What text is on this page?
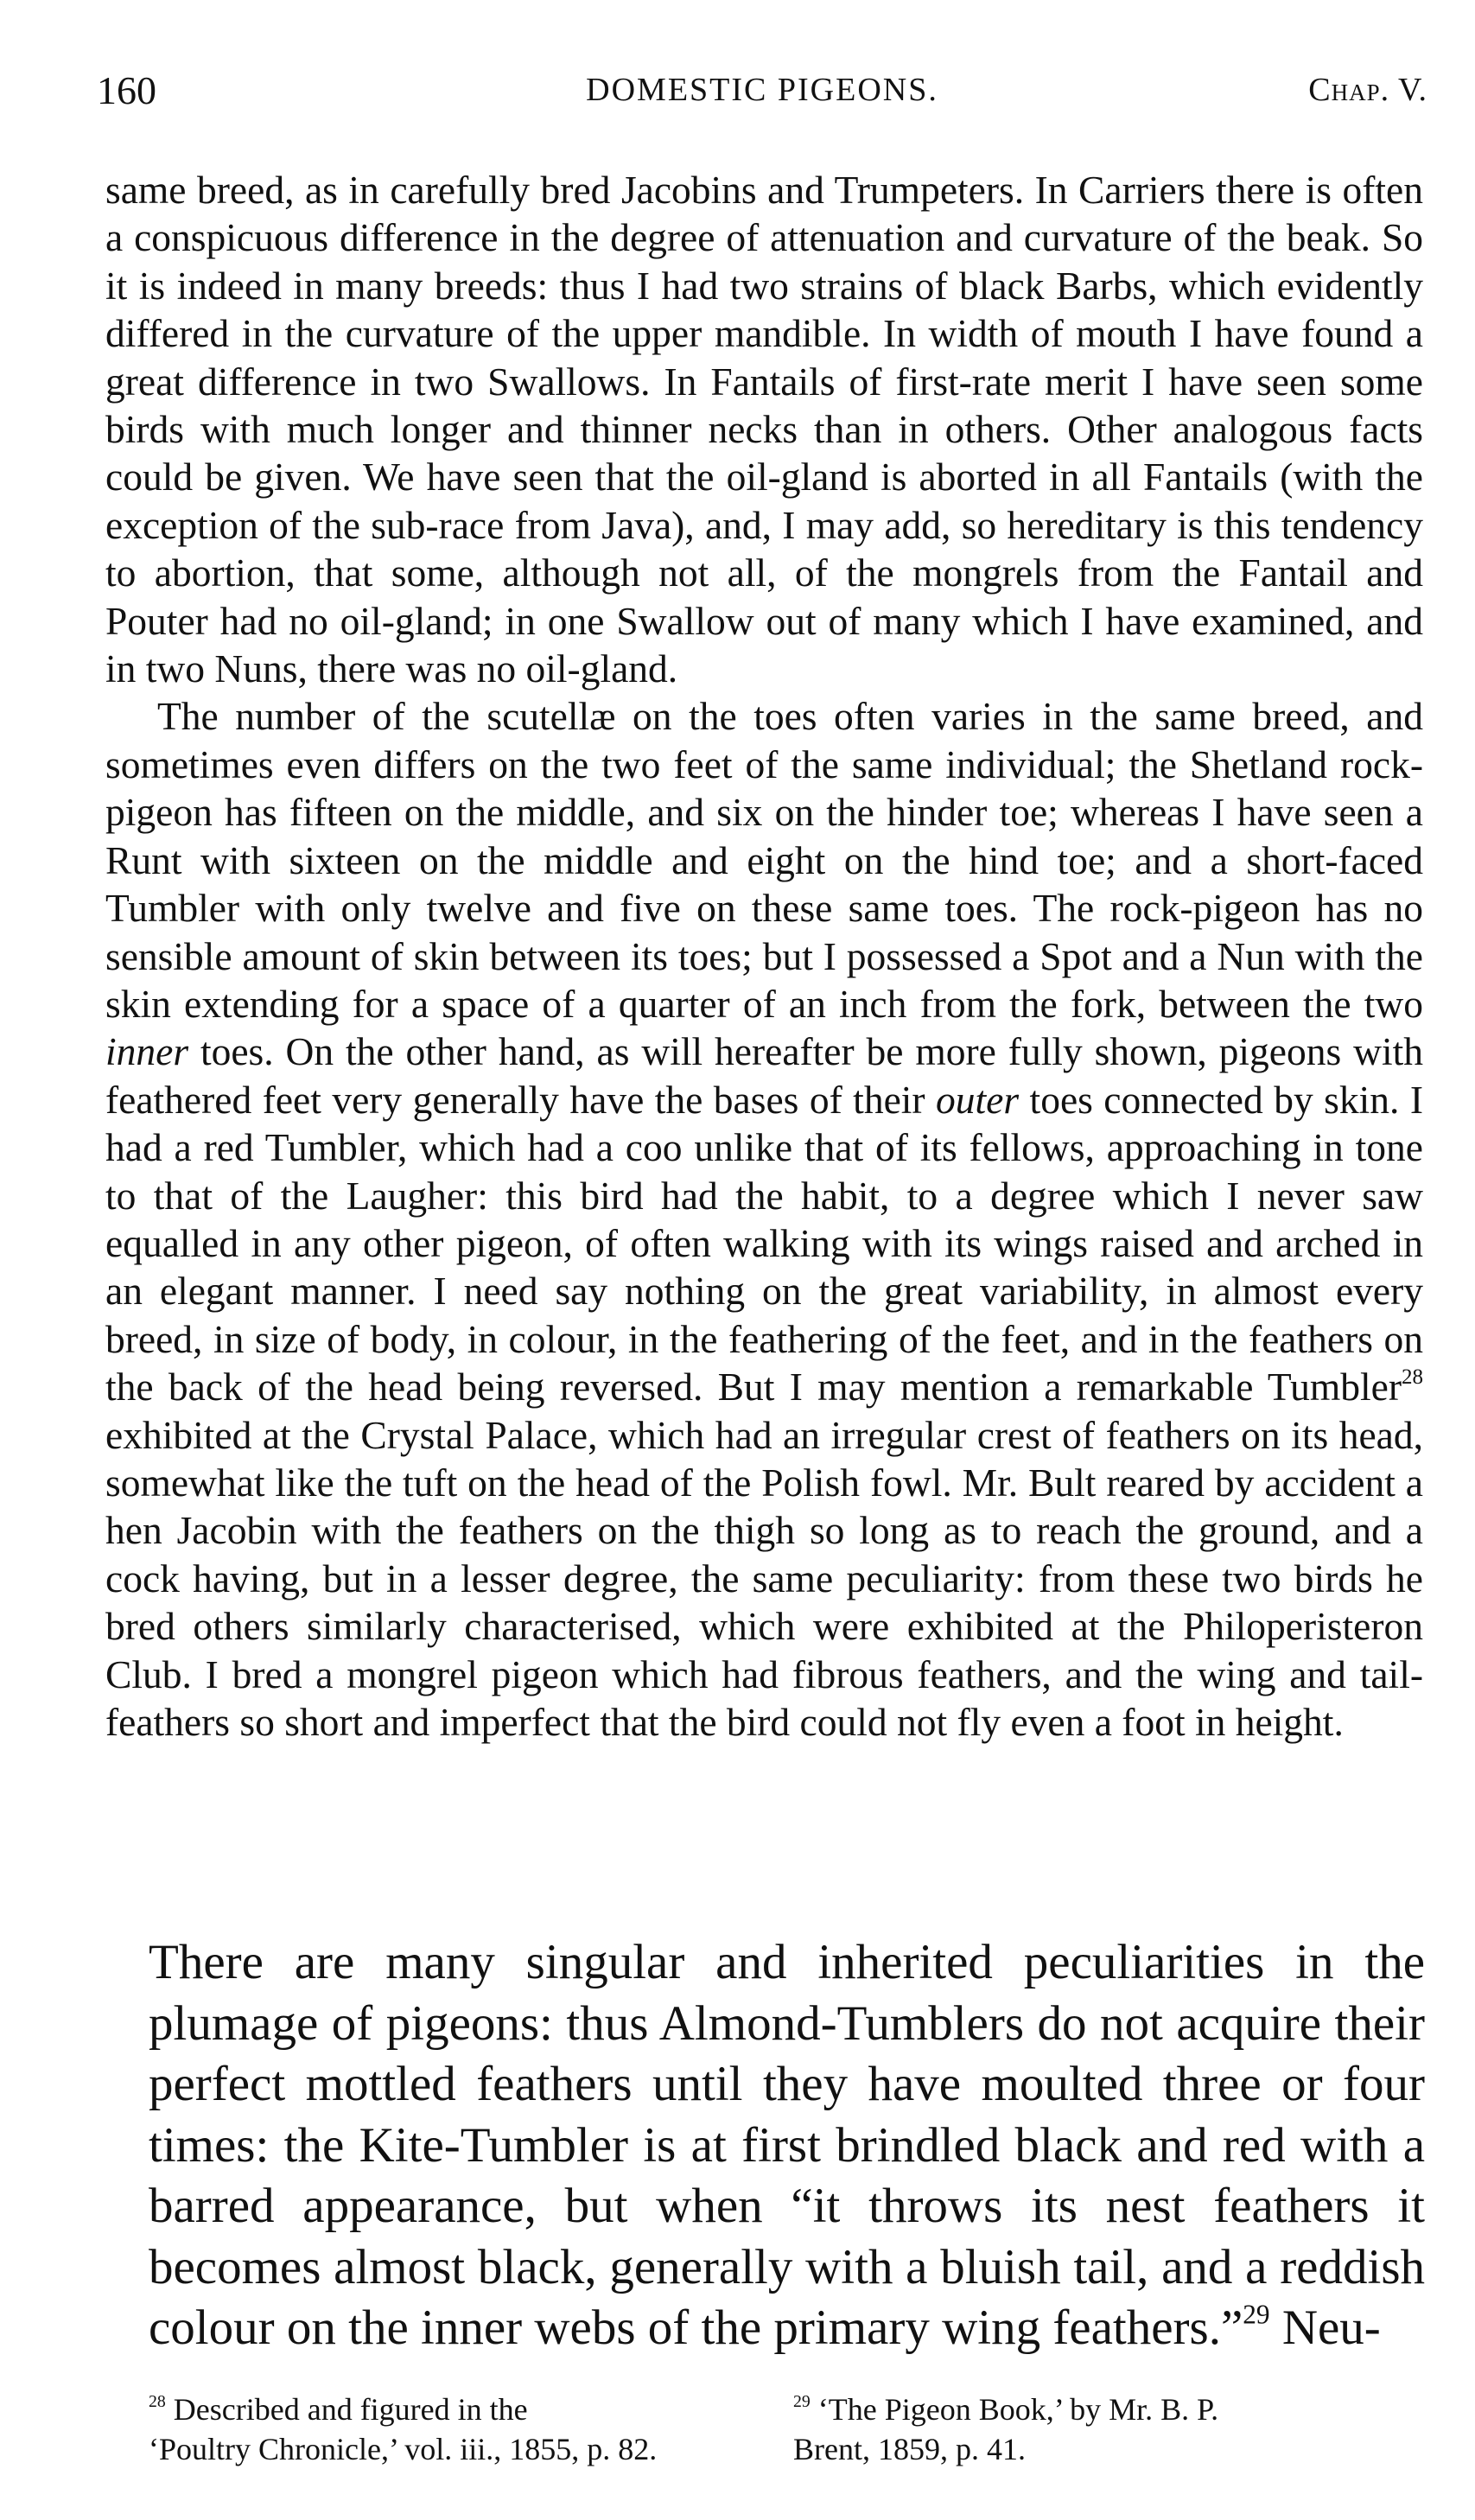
160	DOMESTIC PIGEONS.	Chap. V.

same breed, as in carefully bred Jacobins and Trumpeters. In Carriers there is often a conspicuous difference in the degree of attenuation and curvature of the beak. So it is indeed in many breeds: thus I had two strains of black Barbs, which evidently differed in the curvature of the upper mandible. In width of mouth I have found a great difference in two Swallows. In Fantails of first-rate merit I have seen some birds with much longer and thinner necks than in others. Other analogous facts could be given. We have seen that the oil-gland is aborted in all Fantails (with the exception of the sub-race from Java), and, I may add, so hereditary is this tendency to abortion, that some, although not all, of the mongrels from the Fantail and Pouter had no oil-gland; in one Swallow out of many which I have examined, and in two Nuns, there was no oil-gland.

The number of the scutellæ on the toes often varies in the same breed, and sometimes even differs on the two feet of the same individual; the Shetland rock-pigeon has fifteen on the middle, and six on the hinder toe; whereas I have seen a Runt with sixteen on the middle and eight on the hind toe; and a short-faced Tumbler with only twelve and five on these same toes. The rock-pigeon has no sensible amount of skin between its toes; but I possessed a Spot and a Nun with the skin extending for a space of a quarter of an inch from the fork, between the two inner toes. On the other hand, as will hereafter be more fully shown, pigeons with feathered feet very generally have the bases of their outer toes connected by skin. I had a red Tumbler, which had a coo unlike that of its fellows, approaching in tone to that of the Laugher: this bird had the habit, to a degree which I never saw equalled in any other pigeon, of often walking with its wings raised and arched in an elegant manner. I need say nothing on the great variability, in almost every breed, in size of body, in colour, in the feathering of the feet, and in the feathers on the back of the head being reversed. But I may mention a remarkable Tumbler$^{28}$ exhibited at the Crystal Palace, which had an irregular crest of feathers on its head, somewhat like the tuft on the head of the Polish fowl. Mr. Bult reared by accident a hen Jacobin with the feathers on the thigh so long as to reach the ground, and a cock having, but in a lesser degree, the same peculiarity: from these two birds he bred others similarly characterised, which were exhibited at the Philoperisteron Club. I bred a mongrel pigeon which had fibrous feathers, and the wing and tail-feathers so short and imperfect that the bird could not fly even a foot in height.

There are many singular and inherited peculiarities in the plumage of pigeons: thus Almond-Tumblers do not acquire their perfect mottled feathers until they have moulted three or four times: the Kite-Tumbler is at first brindled black and red with a barred appearance, but when “it throws its nest feathers it becomes almost black, generally with a bluish tail, and a reddish colour on the inner webs of the primary wing feathers.”$^{29}$ Neu-

$^{28}$ Described and figured in the
‘Poultry Chronicle,’ vol. iii., 1855, p. 82.
$^{29}$ ‘The Pigeon Book,’ by Mr. B. P.
Brent, 1859, p. 41.
